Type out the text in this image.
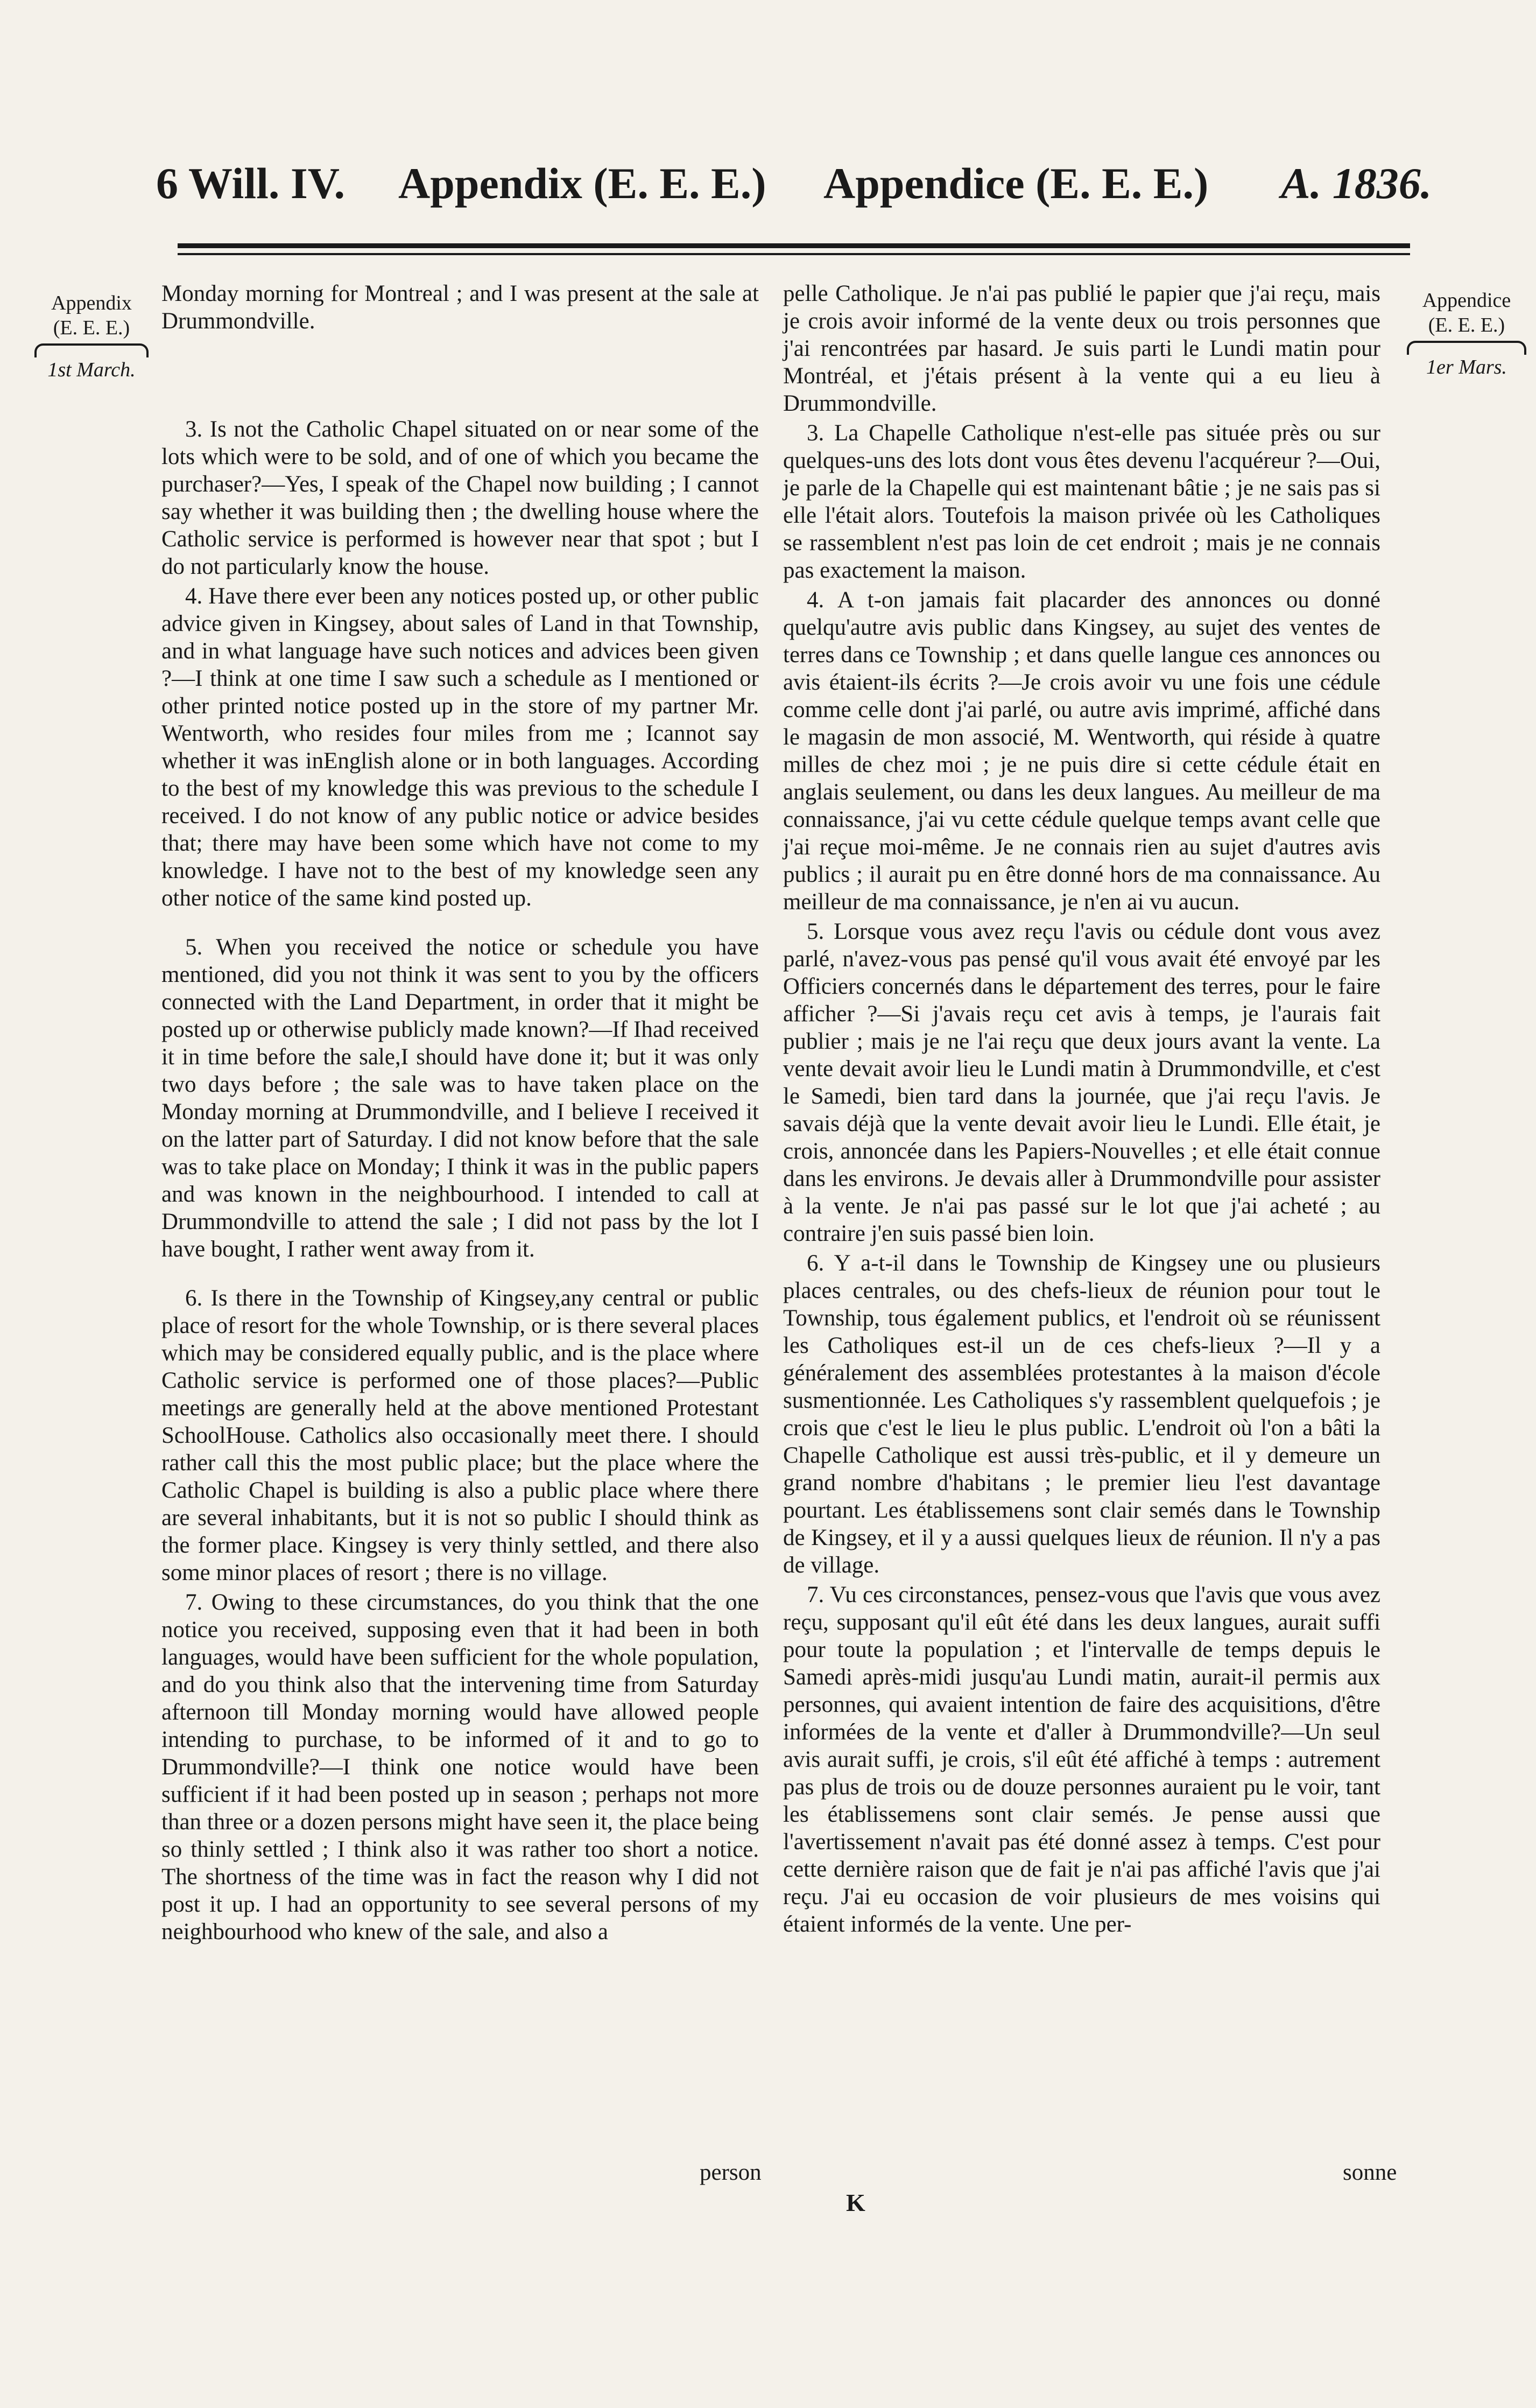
6 Will. IV. Appendix (E. E. E.) Appendice (E. E. E.) A. 1836.
Appendix
(E. E. E.)
1st March.
Appendice
(E. E. E.)
1er Mars.

Monday morning for Montreal ; and I was present at the sale at Drummondville.

3. Is not the Catholic Chapel situated on or near some of the lots which were to be sold, and of one of which you became the purchaser?—Yes, I speak of the Chapel now building ; I cannot say whether it was building then ; the dwelling house where the Catholic service is performed is however near that spot ; but I do not particularly know the house.

4. Have there ever been any notices posted up, or other public advice given in Kingsey, about sales of Land in that Township, and in what language have such notices and advices been given ?—I think at one time I saw such a schedule as I mentioned or other printed notice posted up in the store of my partner Mr. Wentworth, who resides four miles from me ; Icannot say whether it was inEnglish alone or in both languages. According to the best of my knowledge this was previous to the schedule I received. I do not know of any public notice or advice besides that; there may have been some which have not come to my knowledge. I have not to the best of my knowledge seen any other notice of the same kind posted up.

5. When you received the notice or schedule you have mentioned, did you not think it was sent to you by the officers connected with the Land Department, in order that it might be posted up or otherwise publicly made known?—If Ihad received it in time before the sale,I should have done it; but it was only two days before ; the sale was to have taken place on the Monday morning at Drummondville, and I believe I received it on the latter part of Saturday. I did not know before that the sale was to take place on Monday; I think it was in the public papers and was known in the neighbourhood. I intended to call at Drummondville to attend the sale ; I did not pass by the lot I have bought, I rather went away from it.

6. Is there in the Township of Kingsey,any central or public place of resort for the whole Township, or is there several places which may be considered equally public, and is the place where Catholic service is performed one of those places?—Public meetings are generally held at the above mentioned Protestant SchoolHouse. Catholics also occasionally meet there. I should rather call this the most public place; but the place where the Catholic Chapel is building is also a public place where there are several inhabitants, but it is not so public I should think as the former place. Kingsey is very thinly settled, and there also some minor places of resort ; there is no village.

7. Owing to these circumstances, do you think that the one notice you received, supposing even that it had been in both languages, would have been sufficient for the whole population, and do you think also that the intervening time from Saturday afternoon till Monday morning would have allowed people intending to purchase, to be informed of it and to go to Drummondville?—I think one notice would have been sufficient if it had been posted up in season ; perhaps not more than three or a dozen persons might have seen it, the place being so thinly settled ; I think also it was rather too short a notice. The shortness of the time was in fact the reason why I did not post it up. I had an opportunity to see several persons of my neighbourhood who knew of the sale, and also a

person

pelle Catholique. Je n'ai pas publié le papier que j'ai reçu, mais je crois avoir informé de la vente deux ou trois personnes que j'ai rencontrées par hasard. Je suis parti le Lundi matin pour Montréal, et j'étais présent à la vente qui a eu lieu à Drummondville.

3. La Chapelle Catholique n'est-elle pas située près ou sur quelques-uns des lots dont vous êtes devenu l'acquéreur ?—Oui, je parle de la Chapelle qui est maintenant bâtie ; je ne sais pas si elle l'était alors. Toutefois la maison privée où les Catholiques se rassemblent n'est pas loin de cet endroit ; mais je ne connais pas exactement la maison.

4. A t-on jamais fait placarder des annonces ou donné quelqu'autre avis public dans Kingsey, au sujet des ventes de terres dans ce Township ; et dans quelle langue ces annonces ou avis étaient-ils écrits ?—Je crois avoir vu une fois une cédule comme celle dont j'ai parlé, ou autre avis imprimé, affiché dans le magasin de mon associé, M. Wentworth, qui réside à quatre milles de chez moi ; je ne puis dire si cette cédule était en anglais seulement, ou dans les deux langues. Au meilleur de ma connaissance, j'ai vu cette cédule quelque temps avant celle que j'ai reçue moi-même. Je ne connais rien au sujet d'autres avis publics ; il aurait pu en être donné hors de ma connaissance. Au meilleur de ma connaissance, je n'en ai vu aucun.

5. Lorsque vous avez reçu l'avis ou cédule dont vous avez parlé, n'avez-vous pas pensé qu'il vous avait été envoyé par les Officiers concernés dans le département des terres, pour le faire afficher ?—Si j'avais reçu cet avis à temps, je l'aurais fait publier ; mais je ne l'ai reçu que deux jours avant la vente. La vente devait avoir lieu le Lundi matin à Drummondville, et c'est le Samedi, bien tard dans la journée, que j'ai reçu l'avis. Je savais déjà que la vente devait avoir lieu le Lundi. Elle était, je crois, annoncée dans les Papiers-Nouvelles ; et elle était connue dans les environs. Je devais aller à Drummondville pour assister à la vente. Je n'ai pas passé sur le lot que j'ai acheté ; au contraire j'en suis passé bien loin.

6. Y a-t-il dans le Township de Kingsey une ou plusieurs places centrales, ou des chefs-lieux de réunion pour tout le Township, tous également publics, et l'endroit où se réunissent les Catholiques est-il un de ces chefs-lieux ?—Il y a généralement des assemblées protestantes à la maison d'école susmentionnée. Les Catholiques s'y rassemblent quelquefois ; je crois que c'est le lieu le plus public. L'endroit où l'on a bâti la Chapelle Catholique est aussi très-public, et il y demeure un grand nombre d'habitans ; le premier lieu l'est davantage pourtant. Les établissemens sont clair semés dans le Township de Kingsey, et il y a aussi quelques lieux de réunion. Il n'y a pas de village.

7. Vu ces circonstances, pensez-vous que l'avis que vous avez reçu, supposant qu'il eût été dans les deux langues, aurait suffi pour toute la population ; et l'intervalle de temps depuis le Samedi après-midi jusqu'au Lundi matin, aurait-il permis aux personnes, qui avaient intention de faire des acquisitions, d'être informées de la vente et d'aller à Drummondville?—Un seul avis aurait suffi, je crois, s'il eût été affiché à temps : autrement pas plus de trois ou de douze personnes auraient pu le voir, tant les établissemens sont clair semés. Je pense aussi que l'avertissement n'avait pas été donné assez à temps. C'est pour cette dernière raison que de fait je n'ai pas affiché l'avis que j'ai reçu. J'ai eu occasion de voir plusieurs de mes voisins qui étaient informés de la vente. Une per-

sonne
K
